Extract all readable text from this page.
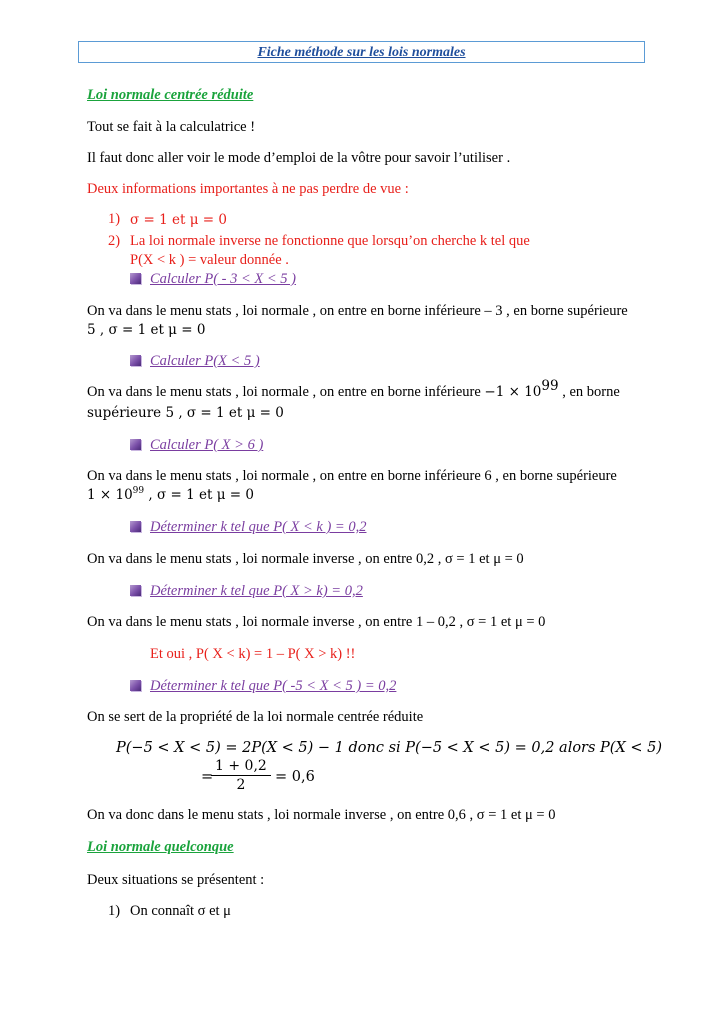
Fiche méthode sur les lois normales
Loi normale centrée réduite
Tout se fait à la calculatrice !
Il faut donc aller voir le mode d’emploi de la vôtre pour savoir l’utiliser .
Deux informations importantes à ne pas perdre de vue :
1) σ = 1 et μ = 0
2) La loi normale inverse ne fonctionne que lorsqu’on cherche k tel que
P(X < k ) = valeur donnée .
Calculer P( - 3 < X < 5 )
On va dans le menu stats , loi normale , on entre en borne inférieure – 3 , en borne supérieure
5 , σ = 1 et μ = 0
Calculer P(X < 5 )
On va dans le menu stats , loi normale , on entre en borne inférieure $-1 \times 10^{99}$ , en borne
supérieure 5 , σ = 1 et μ = 0
Calculer P( X > 6 )
On va dans le menu stats , loi normale , on entre en borne inférieure 6 , en borne supérieure
$1 \times 10^{99}$ , σ = 1 et μ = 0
Déterminer k tel que P( X < k ) = 0,2
On va dans le menu stats , loi normale inverse , on entre 0,2 , σ = 1 et μ = 0
Déterminer k tel que P( X > k) = 0,2
On va dans le menu stats , loi normale inverse , on entre 1 – 0,2 , σ = 1 et μ = 0
Et oui , P( X < k) = 1 – P( X > k) !!
Déterminer k tel que P( -5 < X < 5 ) = 0,2
On se sert de la propriété de la loi normale centrée réduite
P(−5 < X < 5) = 2P(X < 5) − 1 donc si P(−5 < X < 5) = 0,2 alors P(X < 5)
=
$\frac{1 + 0,2}{2} = 0,6$
On va donc dans le menu stats , loi normale inverse , on entre 0,6 , σ = 1 et μ = 0
Loi normale quelconque
Deux situations se présentent :
1) On connaît σ et μ
